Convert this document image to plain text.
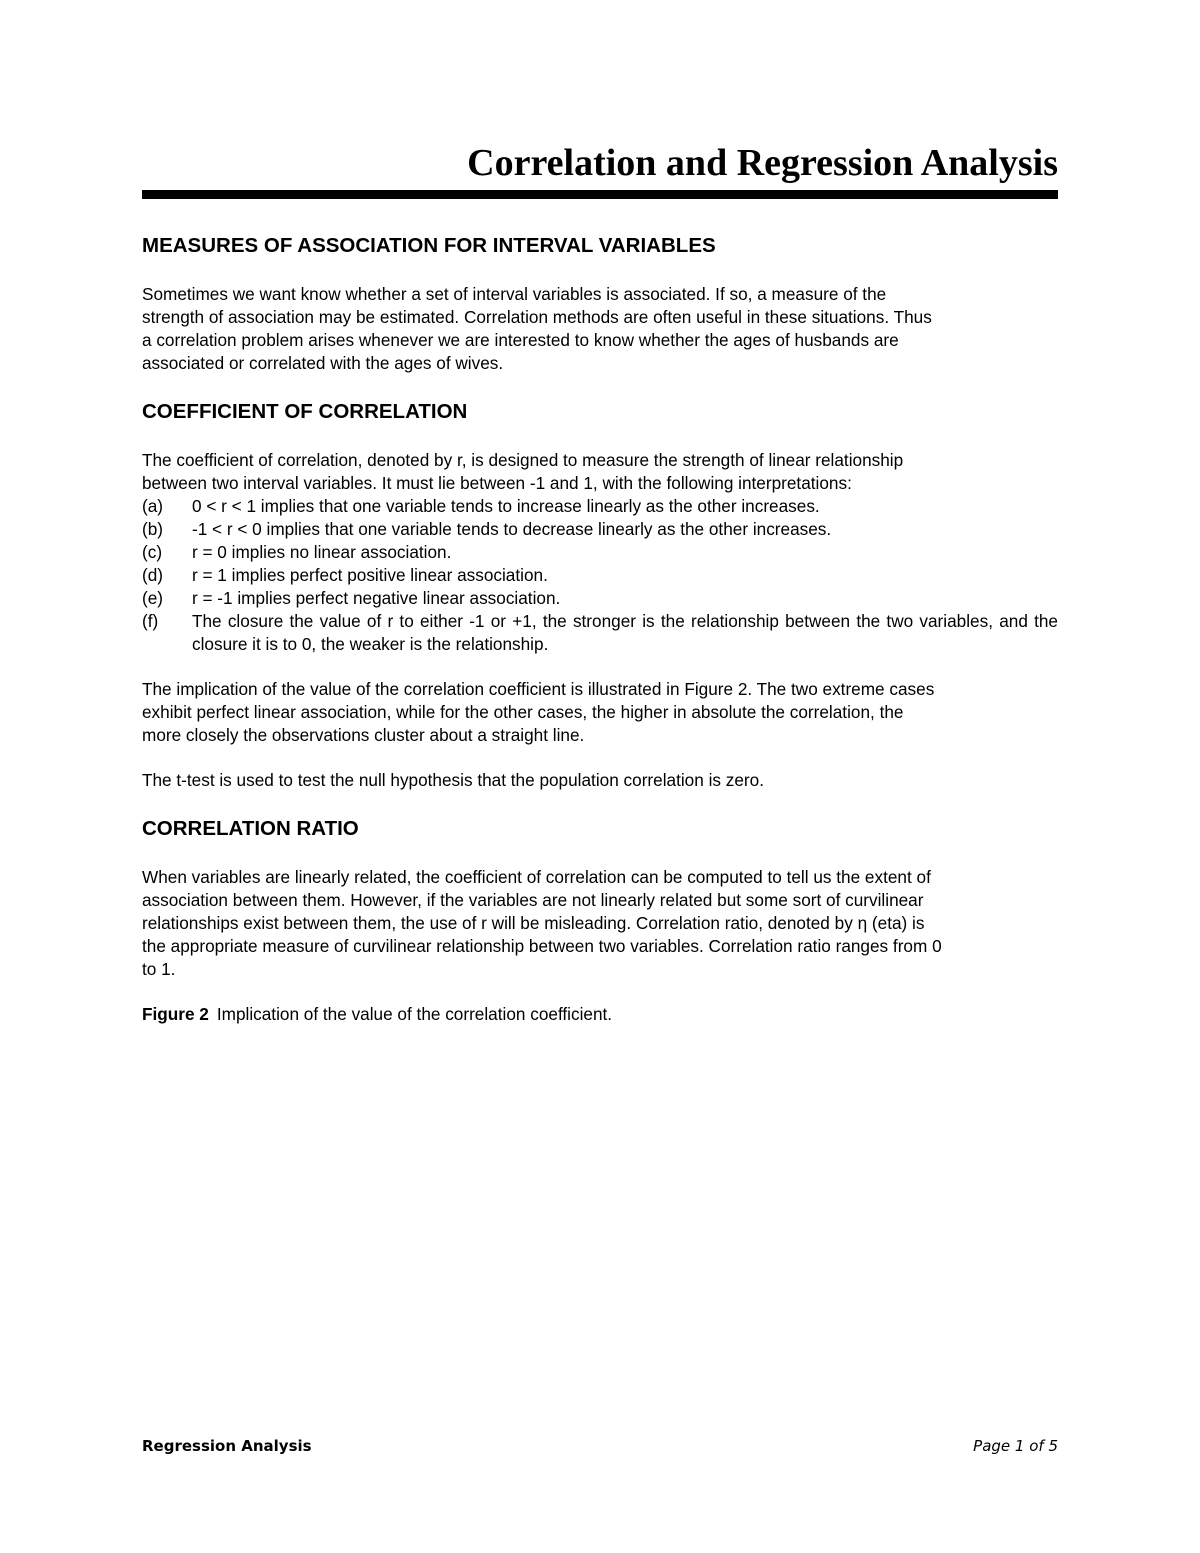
Correlation and Regression Analysis
MEASURES OF ASSOCIATION FOR INTERVAL VARIABLES

Sometimes we want know whether a set of interval variables is associated. If so, a measure of the
strength of association may be estimated. Correlation methods are often useful in these situations. Thus
a correlation problem arises whenever we are interested to know whether the ages of husbands are
associated or correlated with the ages of wives.

COEFFICIENT OF CORRELATION

The coefficient of correlation, denoted by r, is designed to measure the strength of linear relationship
between two interval variables. It must lie between -1 and 1, with the following interpretations:

(a)	0 < r < 1 implies that one variable tends to increase linearly as the other increases.
(b)	-1 < r < 0 implies that one variable tends to decrease linearly as the other increases.
(c)	r = 0 implies no linear association.
(d)	r = 1 implies perfect positive linear association.
(e)	r = -1 implies perfect negative linear association.
(f)	The closure the value of r to either -1 or +1, the stronger is the relationship between the two variables, and the closure it is to 0, the weaker is the relationship.

The implication of the value of the correlation coefficient is illustrated in Figure 2. The two extreme cases
exhibit perfect linear association, while for the other cases, the higher in absolute the correlation, the
more closely the observations cluster about a straight line.

The t-test is used to test the null hypothesis that the population correlation is zero.

CORRELATION RATIO

When variables are linearly related, the coefficient of correlation can be computed to tell us the extent of
association between them. However, if the variables are not linearly related but some sort of curvilinear
relationships exist between them, the use of r will be misleading. Correlation ratio, denoted by η (eta) is
the appropriate measure of curvilinear relationship between two variables. Correlation ratio ranges from 0
to 1.

Figure 2 Implication of the value of the correlation coefficient.

Regression Analysis	Page 1 of 5
